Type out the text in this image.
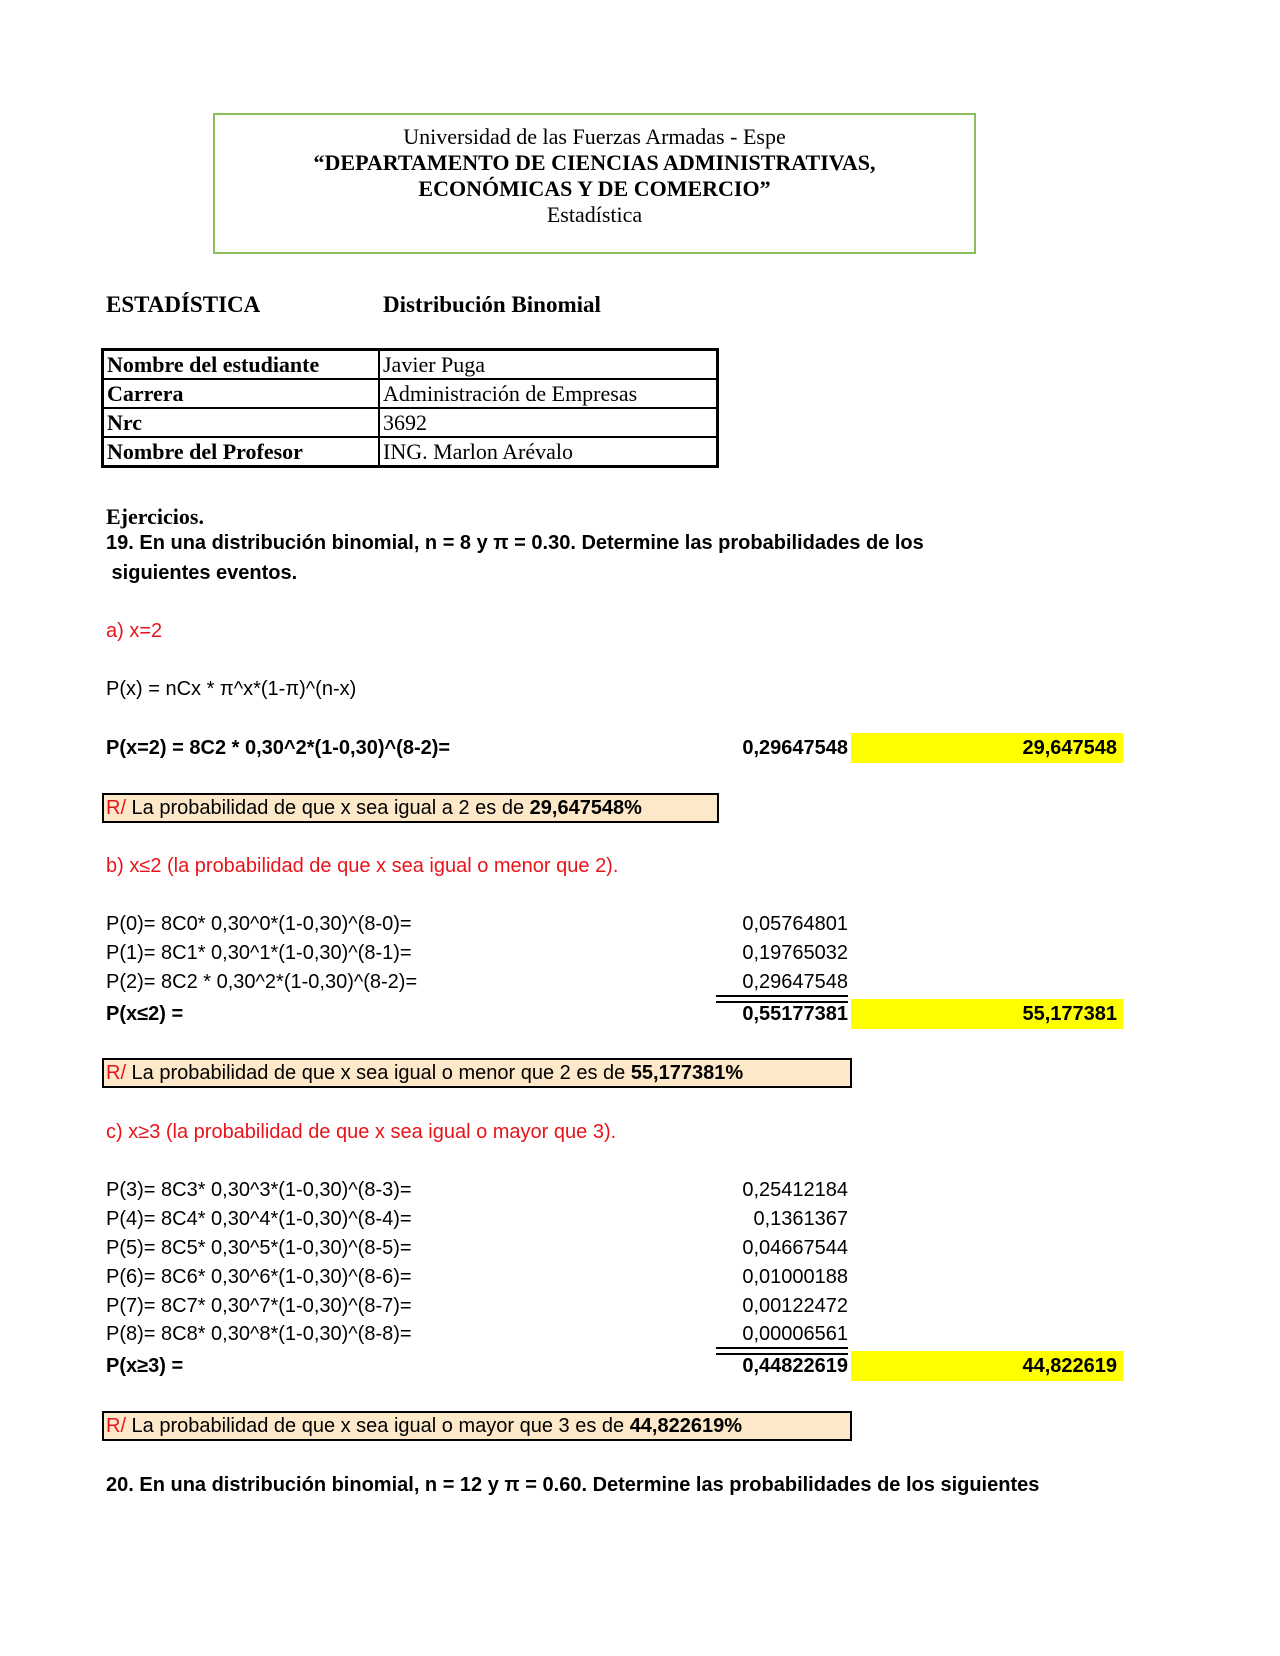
Universidad de las Fuerzas Armadas - Espe
“DEPARTAMENTO DE CIENCIAS ADMINISTRATIVAS,
ECONÓMICAS Y DE COMERCIO”
Estadística
ESTADÍSTICA	Distribución Binomial
Nombre del estudiante	Javier Puga
Carrera	Administración de Empresas
Nrc	3692
Nombre del Profesor	ING. Marlon Arévalo
Ejercicios.
19. En una distribución binomial, n = 8 y π = 0.30. Determine las probabilidades de los
siguientes eventos.
a) x=2
P(x) = nCx * π^x*(1-π)^(n-x)
P(x=2) = 8C2 * 0,30^2*(1-0,30)^(8-2)=	0,29647548	29,647548
R/ La probabilidad de que x sea igual a 2 es de 29,647548%
b) x≤2 (la probabilidad de que x sea igual o menor que 2).
P(0)= 8C0* 0,30^0*(1-0,30)^(8-0)=	0,05764801
P(1)= 8C1* 0,30^1*(1-0,30)^(8-1)=	0,19765032
P(2)= 8C2 * 0,30^2*(1-0,30)^(8-2)=	0,29647548
P(x≤2) =	0,55177381	55,177381
R/ La probabilidad de que x sea igual o menor que 2 es de 55,177381%
c) x≥3 (la probabilidad de que x sea igual o mayor que 3).
P(3)= 8C3* 0,30^3*(1-0,30)^(8-3)=	0,25412184
P(4)= 8C4* 0,30^4*(1-0,30)^(8-4)=	0,1361367
P(5)= 8C5* 0,30^5*(1-0,30)^(8-5)=	0,04667544
P(6)= 8C6* 0,30^6*(1-0,30)^(8-6)=	0,01000188
P(7)= 8C7* 0,30^7*(1-0,30)^(8-7)=	0,00122472
P(8)= 8C8* 0,30^8*(1-0,30)^(8-8)=	0,00006561
P(x≥3) =	0,44822619	44,822619
R/ La probabilidad de que x sea igual o mayor que 3 es de 44,822619%
20. En una distribución binomial, n = 12 y π = 0.60. Determine las probabilidades de los siguientes
